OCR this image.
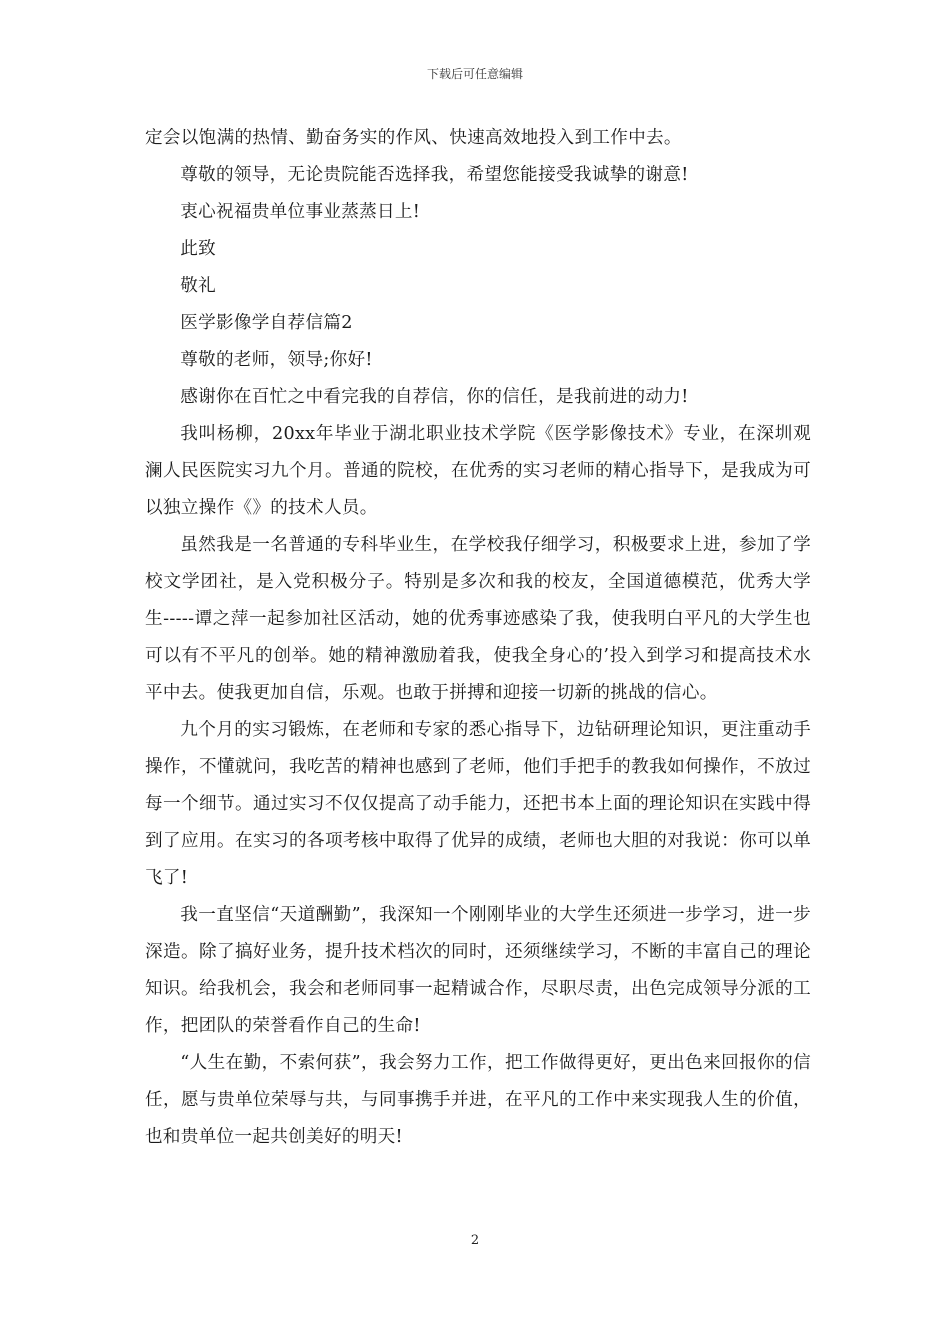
下载后可任意编辑

定会以饱满的热情、勤奋务实的作风、快速高效地投入到工作中去。

尊敬的领导，无论贵院能否选择我，希望您能接受我诚挚的谢意!

衷心祝福贵单位事业蒸蒸日上!

此致

敬礼

医学影像学自荐信篇2

尊敬的老师，领导;你好!

感谢你在百忙之中看完我的自荐信，你的信任，是我前进的动力!

我叫杨柳，20xx年毕业于湖北职业技术学院《医学影像技术》专业，在深圳观澜人民医院实习九个月。普通的院校，在优秀的实习老师的精心指导下，是我成为可以独立操作《》的技术人员。

虽然我是一名普通的专科毕业生，在学校我仔细学习，积极要求上进，参加了学校文学团社，是入党积极分子。特别是多次和我的校友，全国道德模范，优秀大学生-----谭之萍一起参加社区活动，她的优秀事迹感染了我，使我明白平凡的大学生也可以有不平凡的创举。她的精神激励着我，使我全身心的’投入到学习和提高技术水平中去。使我更加自信，乐观。也敢于拼搏和迎接一切新的挑战的信心。

九个月的实习锻炼，在老师和专家的悉心指导下，边钻研理论知识，更注重动手操作，不懂就问，我吃苦的精神也感到了老师，他们手把手的教我如何操作，不放过每一个细节。通过实习不仅仅提高了动手能力，还把书本上面的理论知识在实践中得到了应用。在实习的各项考核中取得了优异的成绩，老师也大胆的对我说：你可以单飞了!

我一直坚信“天道酬勤”，我深知一个刚刚毕业的大学生还须进一步学习，进一步深造。除了搞好业务，提升技术档次的同时，还须继续学习，不断的丰富自己的理论知识。给我机会，我会和老师同事一起精诚合作，尽职尽责，出色完成领导分派的工作，把团队的荣誉看作自己的生命!

“人生在勤，不索何获”，我会努力工作，把工作做得更好，更出色来回报你的信任，愿与贵单位荣辱与共，与同事携手并进，在平凡的工作中来实现我人生的价值，也和贵单位一起共创美好的明天!

2
